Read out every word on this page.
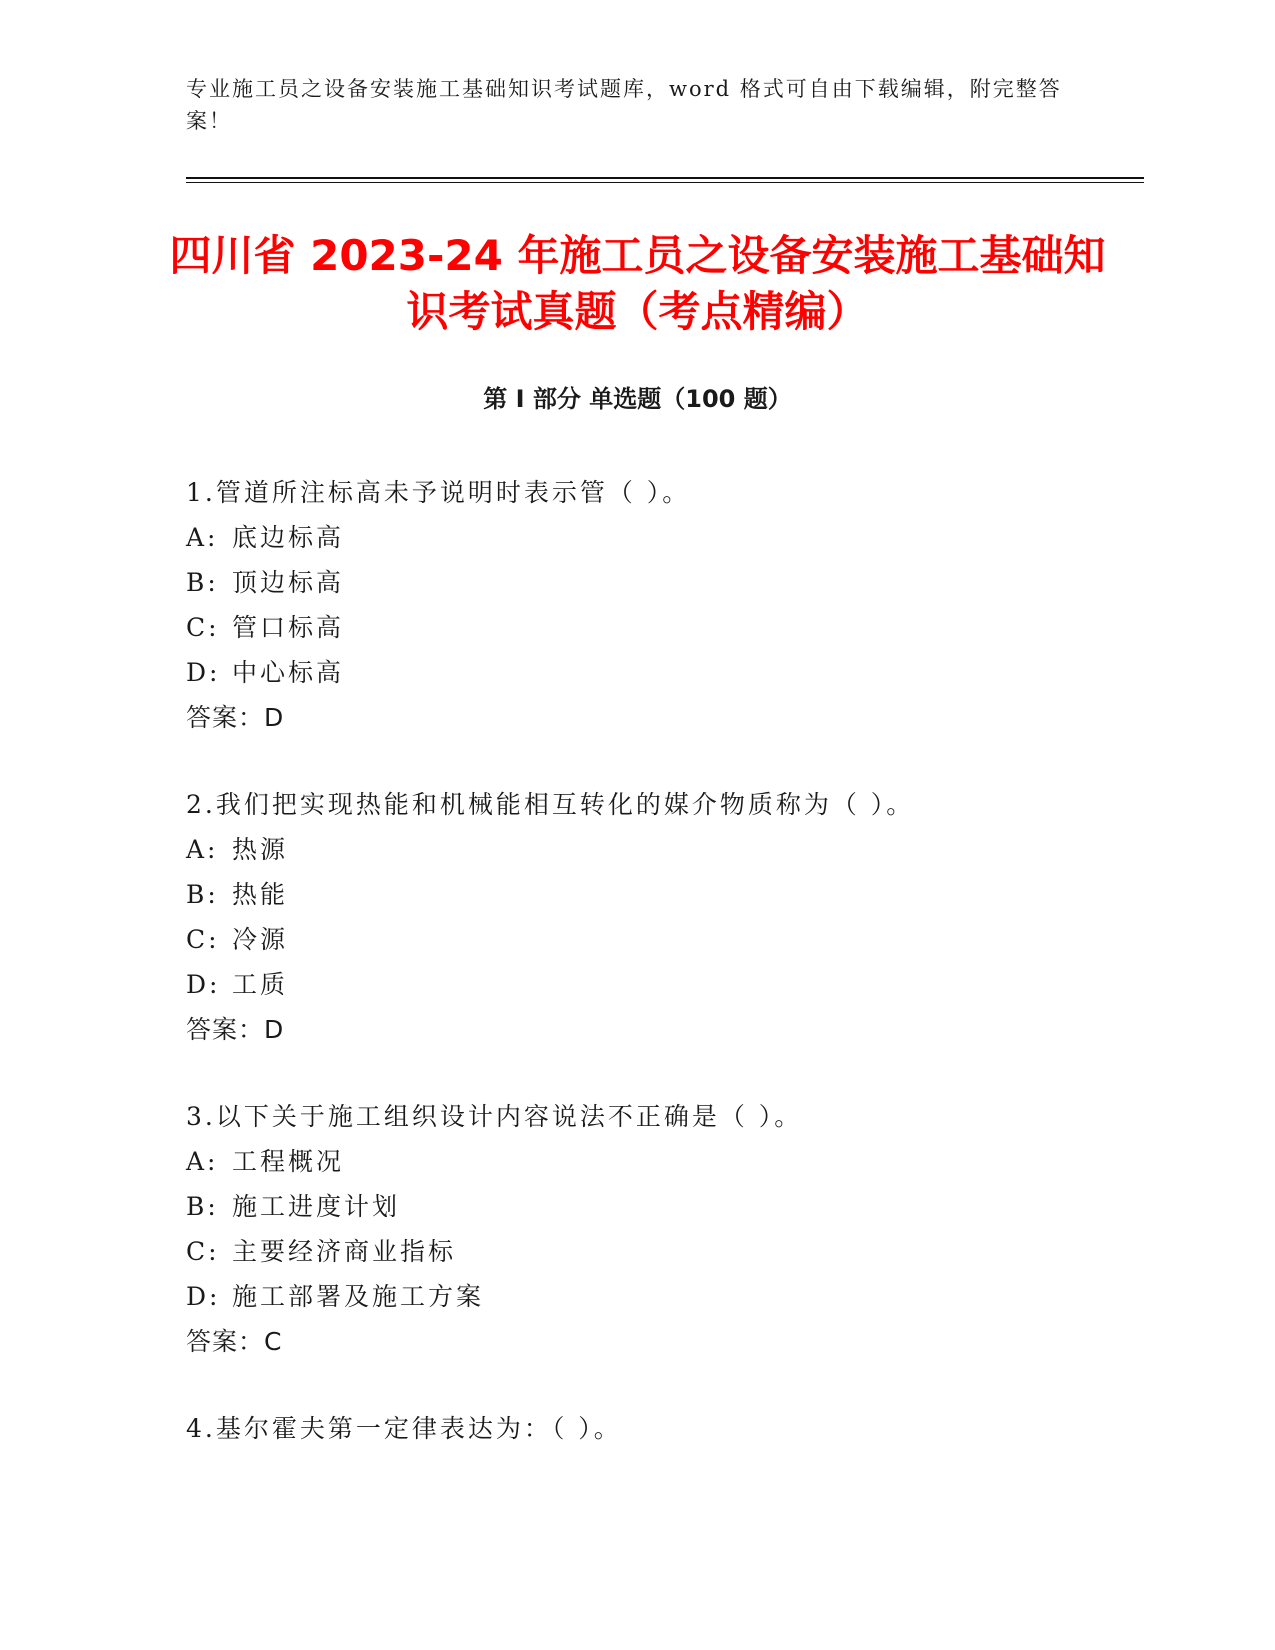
专业施工员之设备安装施工基础知识考试题库，word 格式可自由下载编辑，附完整答案！
四川省 2023-24 年施工员之设备安装施工基础知识考试真题（考点精编）
第 I 部分 单选题（100 题）
1.管道所注标高未予说明时表示管（ ）。
A: 底边标高
B: 顶边标高
C: 管口标高
D: 中心标高
答案：D
2.我们把实现热能和机械能相互转化的媒介物质称为（ ）。
A: 热源
B: 热能
C: 冷源
D: 工质
答案：D
3.以下关于施工组织设计内容说法不正确是（ ）。
A: 工程概况
B: 施工进度计划
C: 主要经济商业指标
D: 施工部署及施工方案
答案：C
4.基尔霍夫第一定律表达为：（ ）。
